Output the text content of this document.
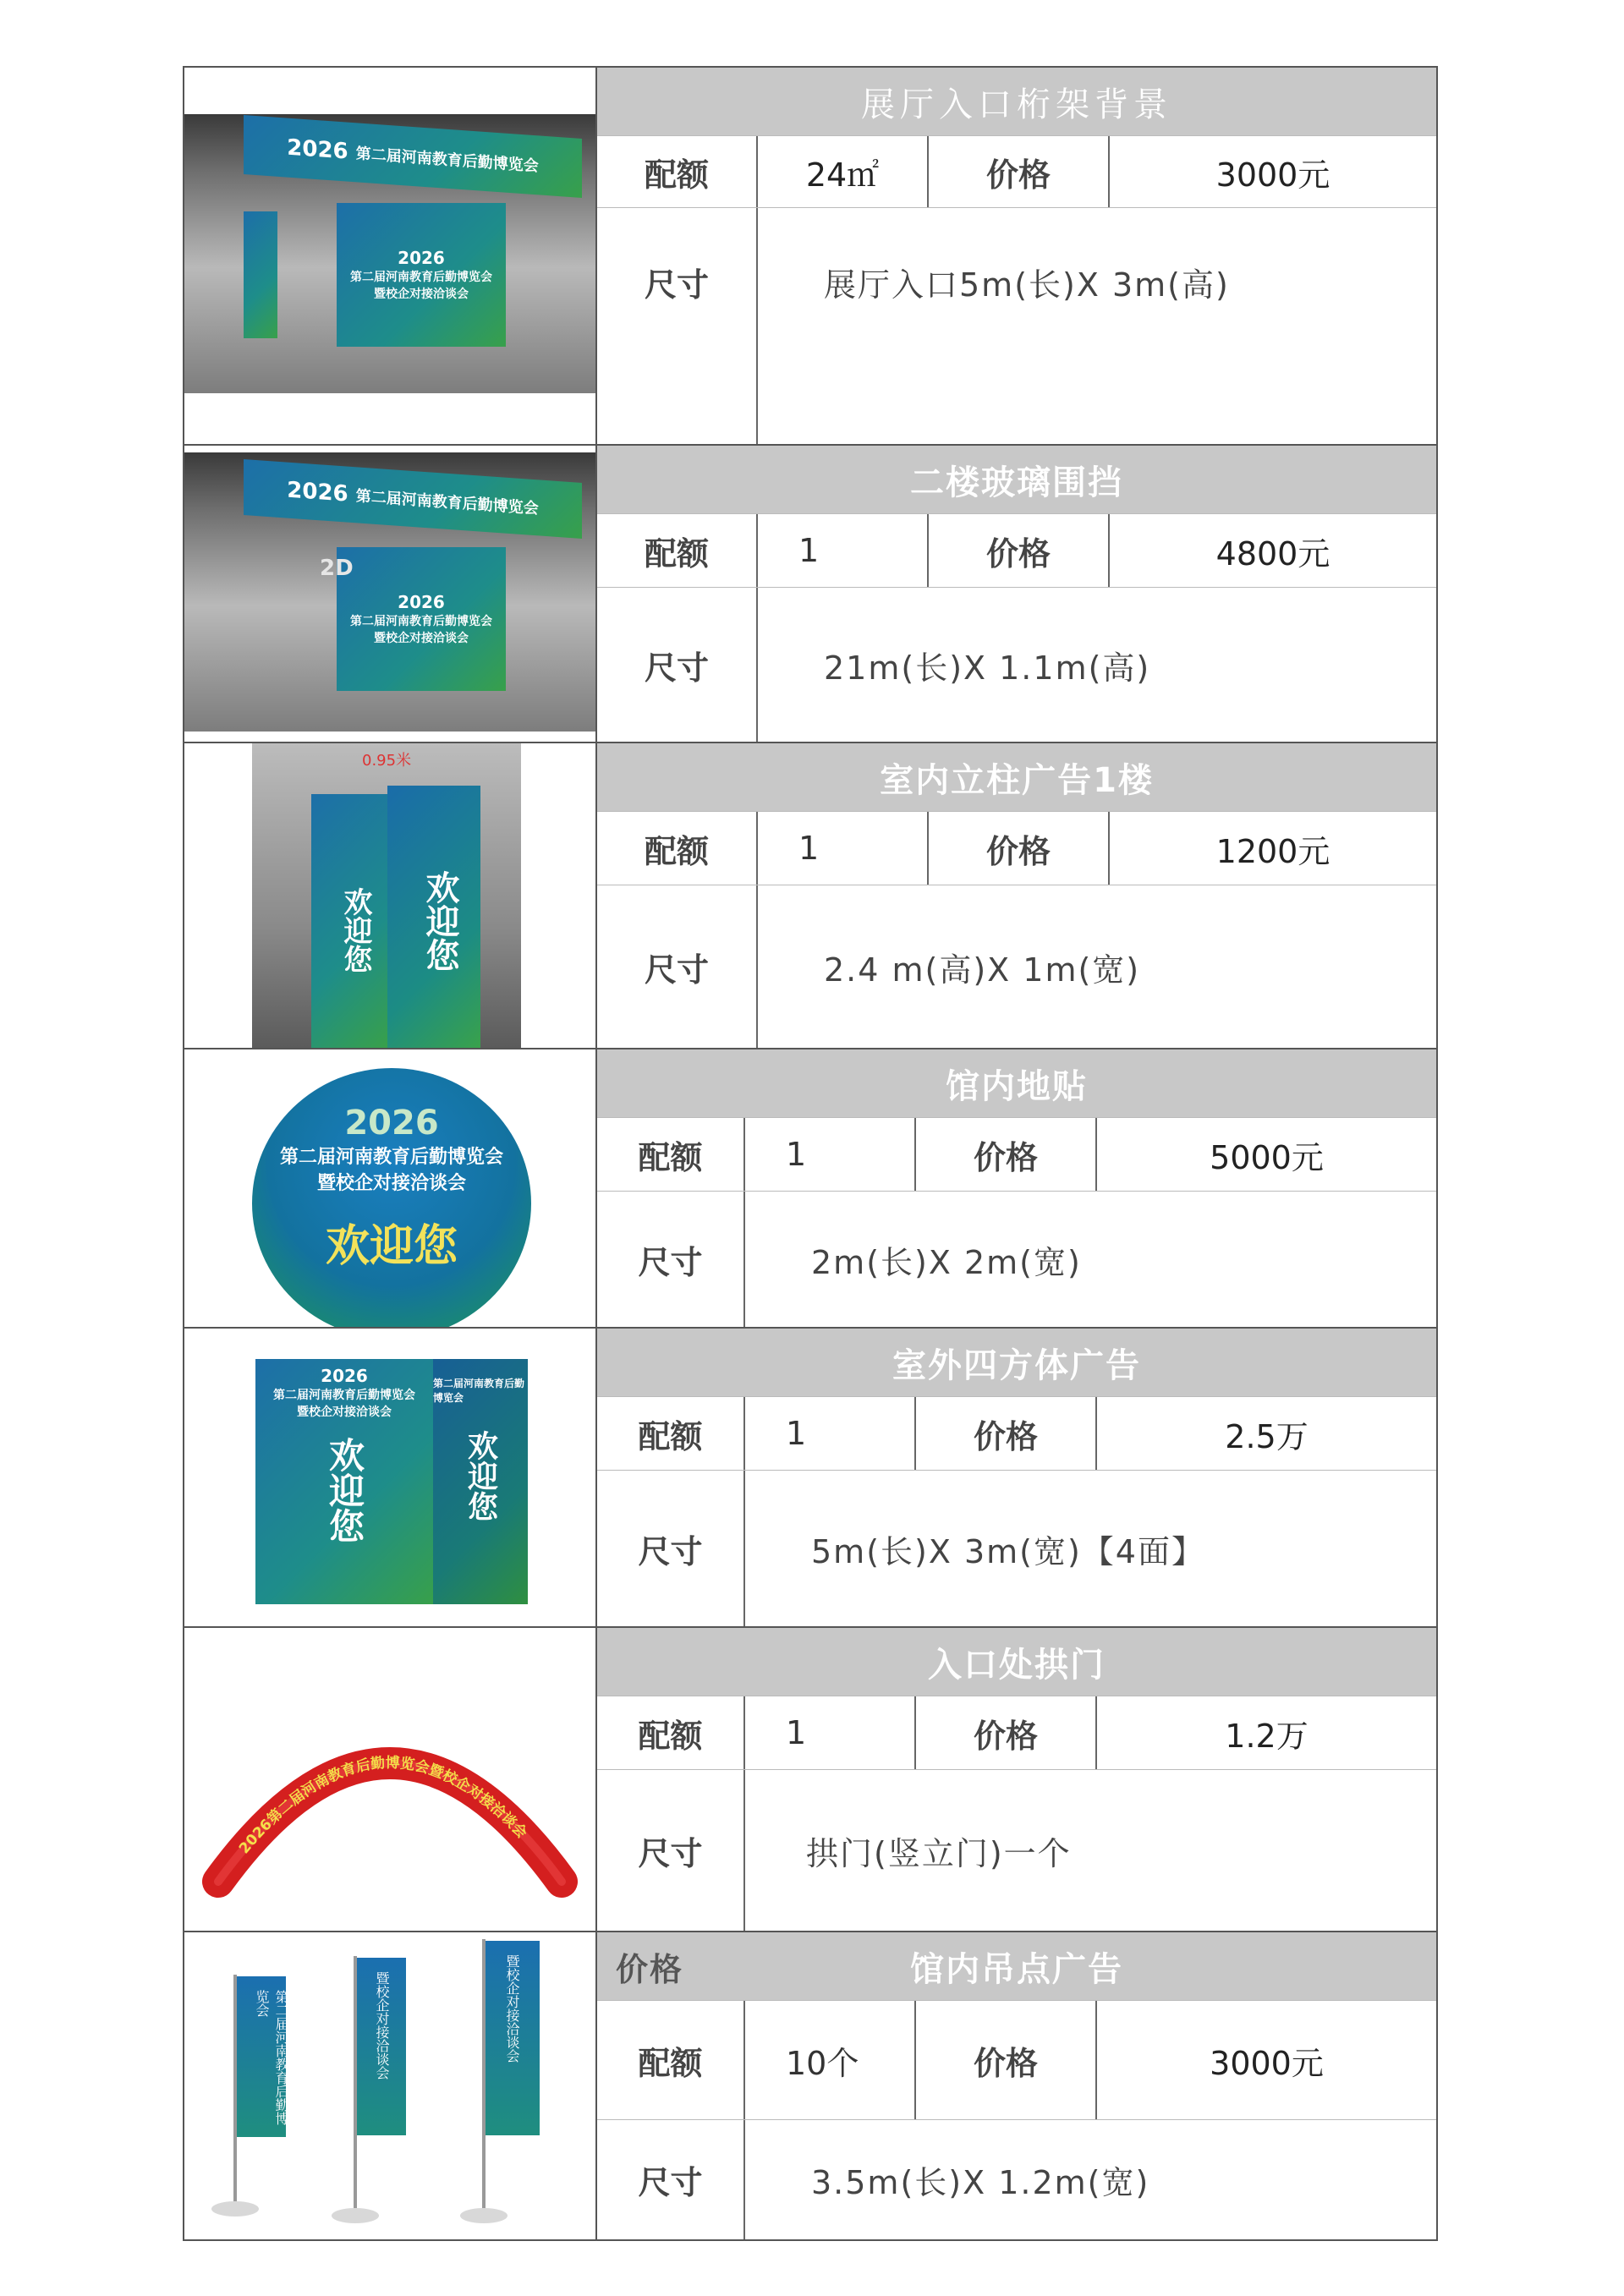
2026
第二届河南教育后勤博览会
2026
第二届河南教育后勤博览会
暨校企对接洽谈会
展厅入口桁架背景
配额	24㎡	价格	3000元
尺寸	展厅入口5m(长)X 3m(高)
2026
第二届河南教育后勤博览会
2026
第二届河南教育后勤博览会
暨校企对接洽谈会
2D
二楼玻璃围挡
配额	1	价格	4800元
尺寸	21m(长)X 1.1m(高)
0.95米
欢迎您 欢迎您
室内立柱广告1楼
配额	1	价格	1200元
尺寸	2.4 m(高)X 1m(宽)
2026
第二届河南教育后勤博览会
暨校企对接洽谈会
欢迎您
馆内地贴
配额	1	价格	5000元
尺寸	2m(长)X 2m(宽)
2026
第二届河南教育后勤博览会
暨校企对接洽谈会
欢迎您
第二届河南教育后勤博览会
欢迎您
室外四方体广告
配额	1	价格	2.5万
尺寸	5m(长)X 3m(宽)【4面】
2026第二届河南教育后勤博览会暨校企对接洽谈会
入口处拱门
配额	1	价格	1.2万
尺寸	拱门(竖立门)一个
第二届河南教育后勤博览会	暨校企对接洽谈会	暨校企对接洽谈会	价格	馆内吊点广告
配额	10个	价格	3000元
尺寸	3.5m(长)X 1.2m(宽)
